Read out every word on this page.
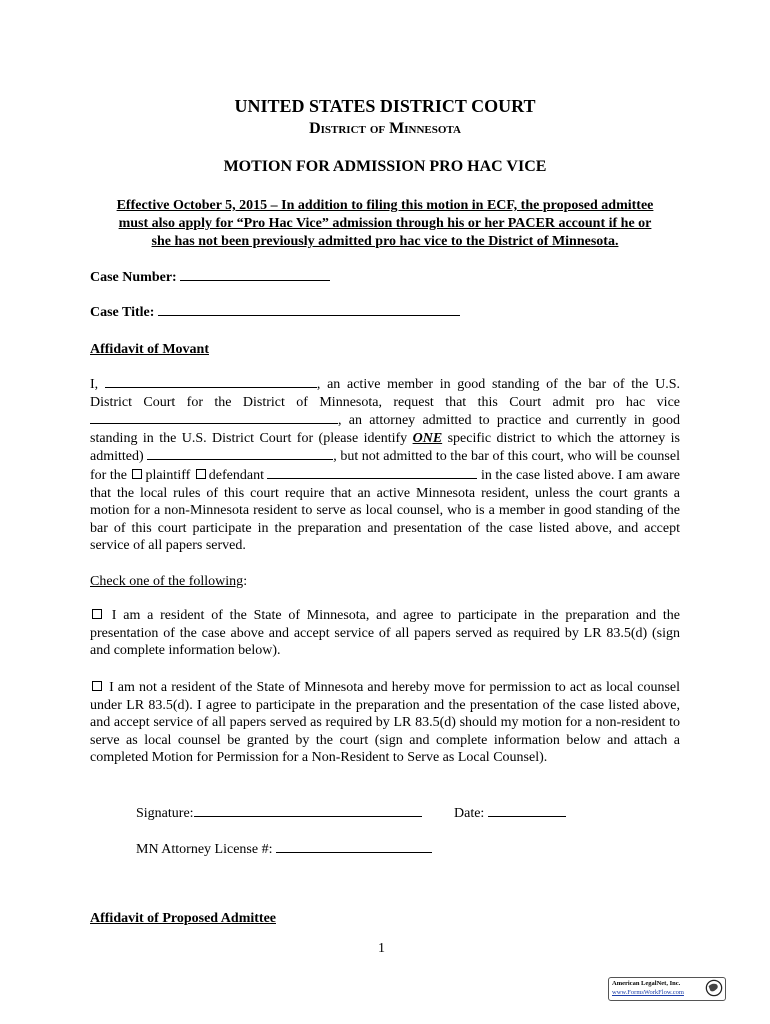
UNITED STATES DISTRICT COURT
District of Minnesota
MOTION FOR ADMISSION PRO HAC VICE
Effective October 5, 2015 – In addition to filing this motion in ECF, the proposed admittee
must also apply for “Pro Hac Vice” admission through his or her PACER account if he or
she has not been previously admitted pro hac vice to the District of Minnesota.
Case Number:
Case Title:
Affidavit of Movant
I,	, an active member in good standing of the bar of the U.S. District Court for the District of Minnesota, request that this Court admit pro hac vice , an attorney admitted to practice and currently in good standing in the U.S. District Court for (please identify ONE specific district to which the attorney is admitted)	, but not admitted to the bar of this court, who will be counsel for the plaintiff defendant	in the case listed above. I am aware that the local rules of this court require that an active Minnesota resident, unless the court grants a motion for a non-Minnesota resident to serve as local counsel, who is a member in good standing of the bar of this court participate in the preparation and presentation of the case listed above, and accept service of all papers served.
Check one of the following:
I am a resident of the State of Minnesota, and agree to participate in the preparation and the presentation of the case above and accept service of all papers served as required by LR 83.5(d) (sign and complete information below).
I am not a resident of the State of Minnesota and hereby move for permission to act as local counsel under LR 83.5(d). I agree to participate in the preparation and the presentation of the case listed above, and accept service of all papers served as required by LR 83.5(d) should my motion for a non-resident to serve as local counsel be granted by the court (sign and complete information below and attach a completed Motion for Permission for a Non-Resident to Serve as Local Counsel).
Signature:	Date:
MN Attorney License #:
Affidavit of Proposed Admittee
1
American LegalNet, Inc.
www.FormsWorkFlow.com
